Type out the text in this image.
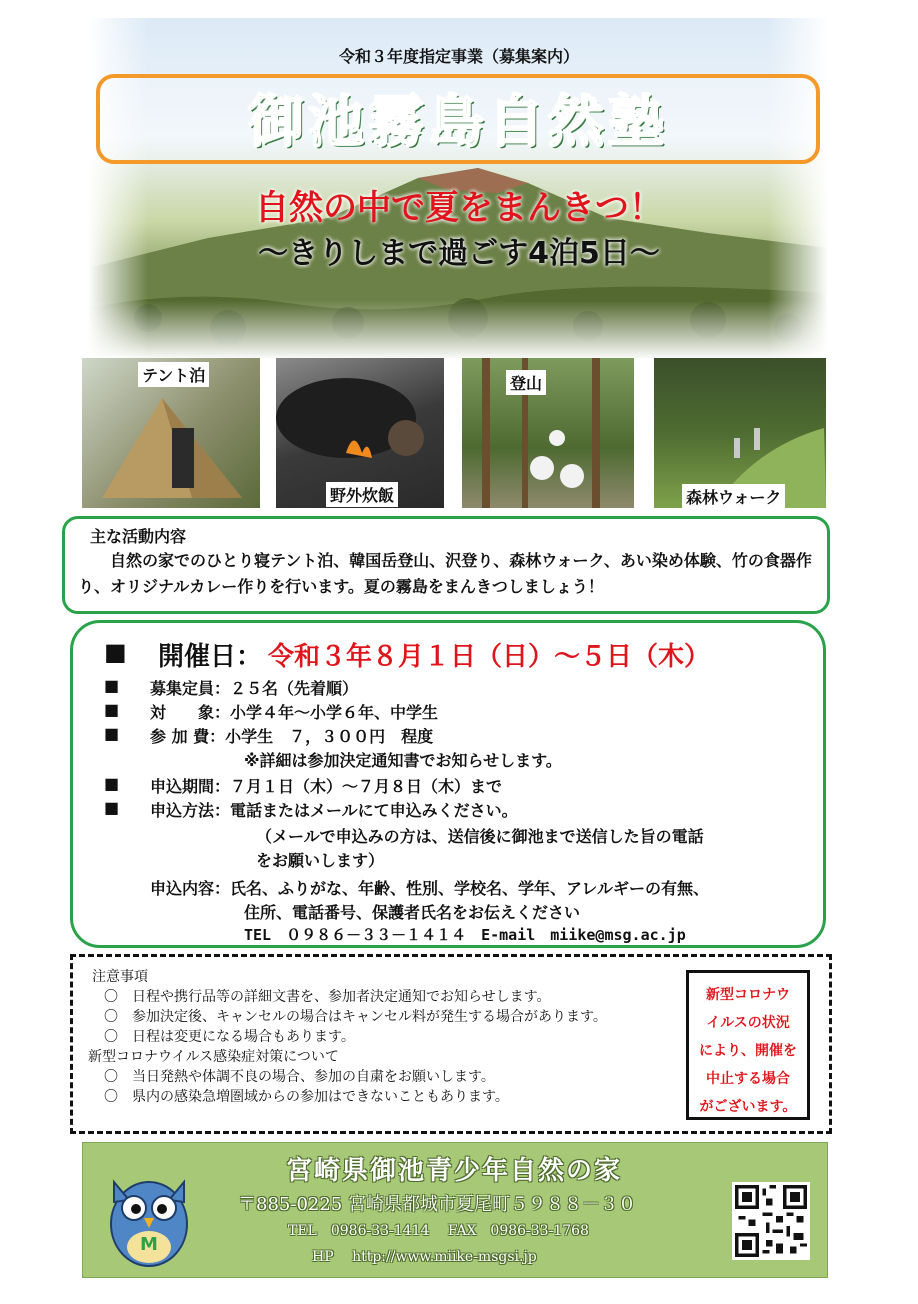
令和３年度指定事業（募集案内）
御池霧島自然塾
自然の中で夏をまんきつ！
～きりしまで過ごす4泊5日～
テント泊
野外炊飯
登山
森林ウォーク
主な活動内容
自然の家でのひとり寝テント泊、韓国岳登山、沢登り、森林ウォーク、あい染め体験、竹の食器作り、オリジナルカレー作りを行います。夏の霧島をまんきつしましょう！
■ 開催日： 令和３年８月１日（日）～５日（木）
■ 募集定員：２５名（先着順）
■ 対　　象：小学４年～小学６年、中学生
■ 参 加 費：小学生　７，３００円　程度
※詳細は参加決定通知書でお知らせします。
■ 申込期間：７月１日（木）～７月８日（木）まで
■ 申込方法：電話またはメールにて申込みください。
（メールで申込みの方は、送信後に御池まで送信した旨の電話
をお願いします）
申込内容：氏名、ふりがな、年齢、性別、学校名、学年、アレルギーの有無、
住所、電話番号、保護者氏名をお伝えください
TEL　０９８６－３３－１４１４　E-mail　miike@msg.ac.jp
注意事項
〇　日程や携行品等の詳細文書を、参加者決定通知でお知らせします。
〇　参加決定後、キャンセルの場合はキャンセル料が発生する場合があります。
〇　日程は変更になる場合もあります。
新型コロナウイルス感染症対策について
〇　当日発熱や体調不良の場合、参加の自粛をお願いします。
〇　県内の感染急増圏域からの参加はできないこともあります。
新型コロナウ
イルスの状況
により、開催を
中止する場合
がございます。
M
宮崎県御池青少年自然の家
〒885-0225 宮崎県都城市夏尾町５９８８－３０
TEL　0986-33-1414　 FAX　0986-33-1768
HP　 http://www.miike-msgsi.jp
